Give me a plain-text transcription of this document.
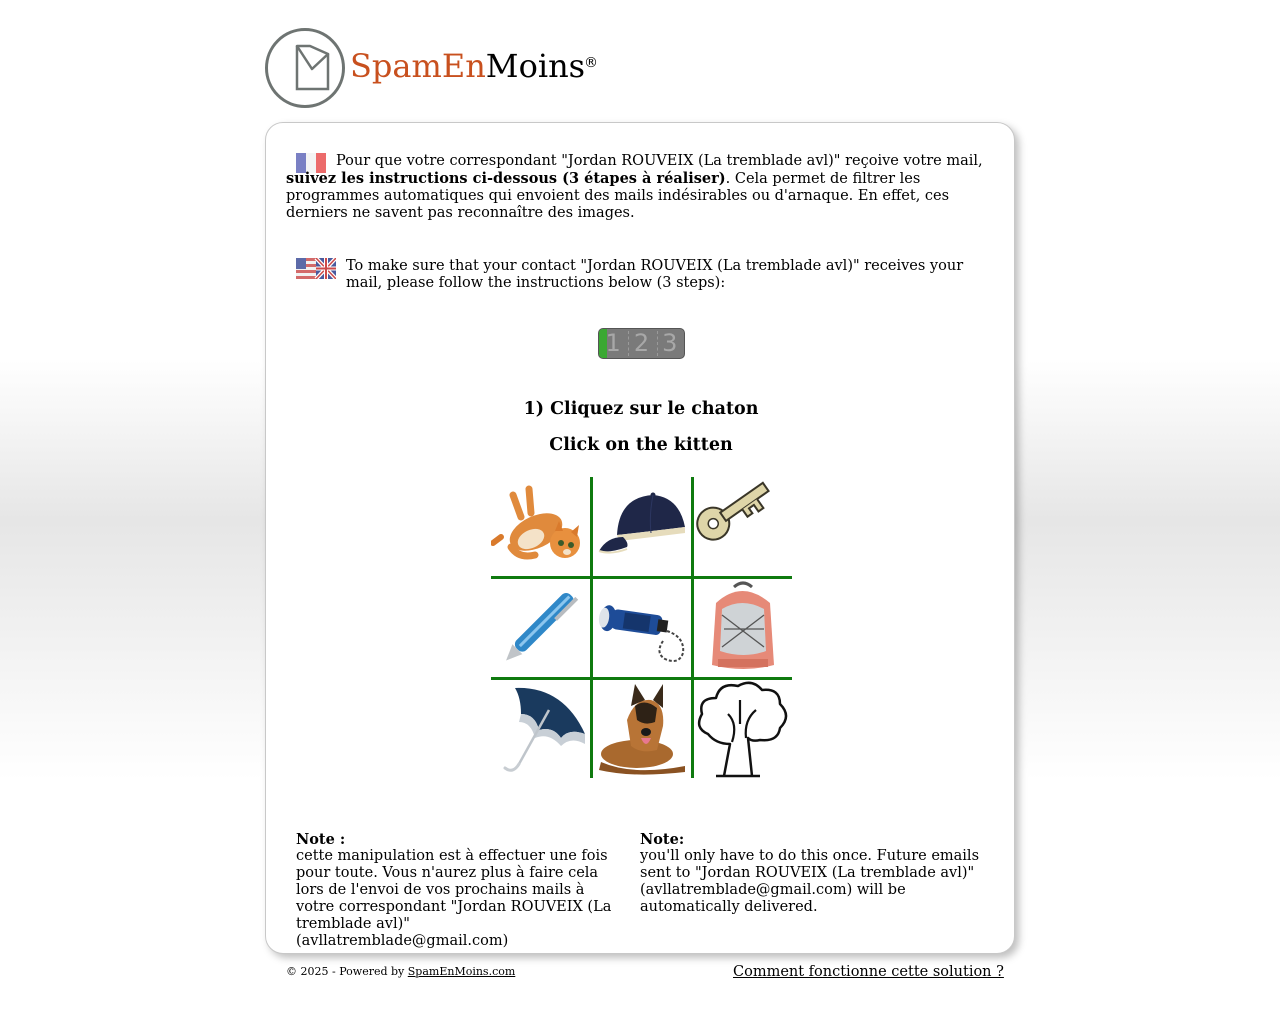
SpamEnMoins
®
Pour que votre correspondant "Jordan ROUVEIX (La tremblade avl)" reçoive votre mail, suivez les instructions ci-dessous (3 étapes à réaliser). Cela permet de filtrer les programmes automatiques qui envoient des mails indésirables ou d'arnaque. En effet, ces derniers ne savent pas reconnaître des images.
To make sure that your contact "Jordan ROUVEIX (La tremblade avl)" receives your mail, please follow the instructions below (3 steps):
1 2 3
1) Cliquez sur le chaton
Click on the kitten
Note :
cette manipulation est à effectuer une fois pour toute. Vous n'aurez plus à faire cela lors de l'envoi de vos prochains mails à votre correspondant "Jordan ROUVEIX (La tremblade avl)" (avllatremblade@gmail.com)
Note:
you'll only have to do this once. Future emails sent to "Jordan ROUVEIX (La tremblade avl)" (avllatremblade@gmail.com) will be automatically delivered.
© 2025 - Powered by SpamEnMoins.com	Comment fonctionne cette solution ?
